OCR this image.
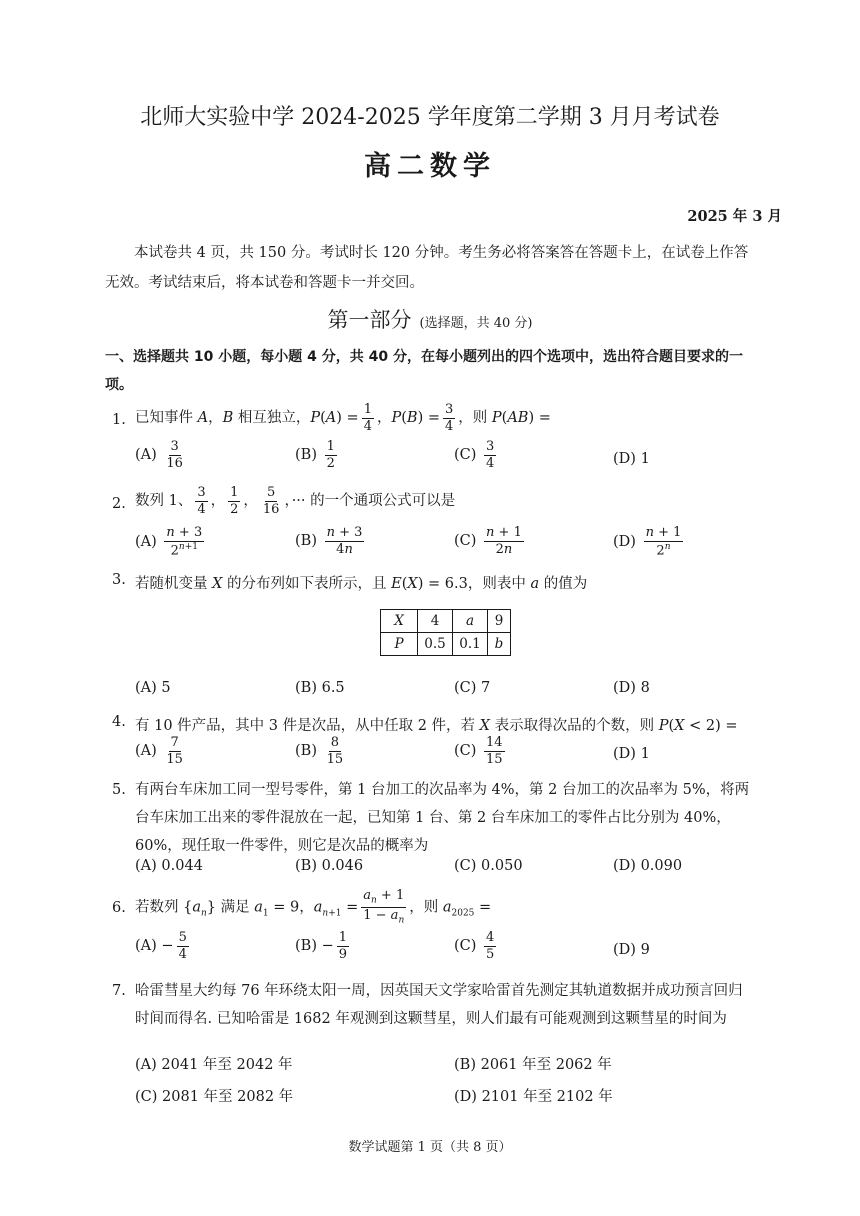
北师大实验中学 2024-2025 学年度第二学期 3 月月考试卷
高二数学
2025 年 3 月
本试卷共 4 页，共 150 分。考试时长 120 分钟。考生务必将答案答在答题卡上，在试卷上作答无效。考试结束后，将本试卷和答题卡一并交回。
第一部分 (选择题，共 40 分)
一、选择题共 10 小题，每小题 4 分，共 40 分，在每小题列出的四个选项中，选出符合题目要求的一项。
1. 已知事件 A，B 相互独立，$P(A) = \frac{1}{4}$ ，$P(B) = \frac{3}{4}$ ，则 P(AB) =
$(A) \frac{3}{16}$	$(B) \frac{1}{2}$	$(C) \frac{3}{4}$	(D) 1
2. 数列 1、 $\frac{3}{4}$ ， $\frac{1}{2}$ ， $\frac{5}{16}$ ，··· 的一个通项公式可以是
$(A) \frac{n + 3}{2^{n+1}}$	$(B) \frac{n + 3}{4n}$	$(C) \frac{n + 1}{2n}$	$(D) \frac{n + 1}{2^n}$
3. 若随机变量 X 的分布列如下表所示，且 E(X) = 6.3，则表中 a 的值为
X	4	a	9
P	0.5	0.1	b
(A) 5	(B) 6.5	(C) 7	(D) 8
4. 有 10 件产品，其中 3 件是次品，从中任取 2 件，若 X 表示取得次品的个数，则 P(X < 2) =
$(A) \frac{7}{15}$	$(B) \frac{8}{15}$	$(C) \frac{14}{15}$	(D) 1
5. 有两台车床加工同一型号零件，第 1 台加工的次品率为 4%，第 2 台加工的次品率为 5%，将两台车床加工出来的零件混放在一起，已知第 1 台、第 2 台车床加工的零件占比分别为 40%，60%，现任取一件零件，则它是次品的概率为
(A) 0.044	(B) 0.046	(C) 0.050	(D) 0.090
6. 若数列 $\{a_n\}$ 满足 $a_1 = 9$，$a_{n+1} = \frac{a_n + 1}{1 - a_n}$ ，则 $a_{2025}$ =
$(A) - \frac{5}{4}$	$(B) - \frac{1}{9}$	$(C) \frac{4}{5}$	(D) 9
7. 哈雷彗星大约每 76 年环绕太阳一周，因英国天文学家哈雷首先测定其轨道数据并成功预言回归时间而得名. 已知哈雷是 1682 年观测到这颗彗星，则人们最有可能观测到这颗彗星的时间为
(A) 2041 年至 2042 年	(B) 2061 年至 2062 年
(C) 2081 年至 2082 年	(D) 2101 年至 2102 年
数学试题第 1 页（共 8 页）
